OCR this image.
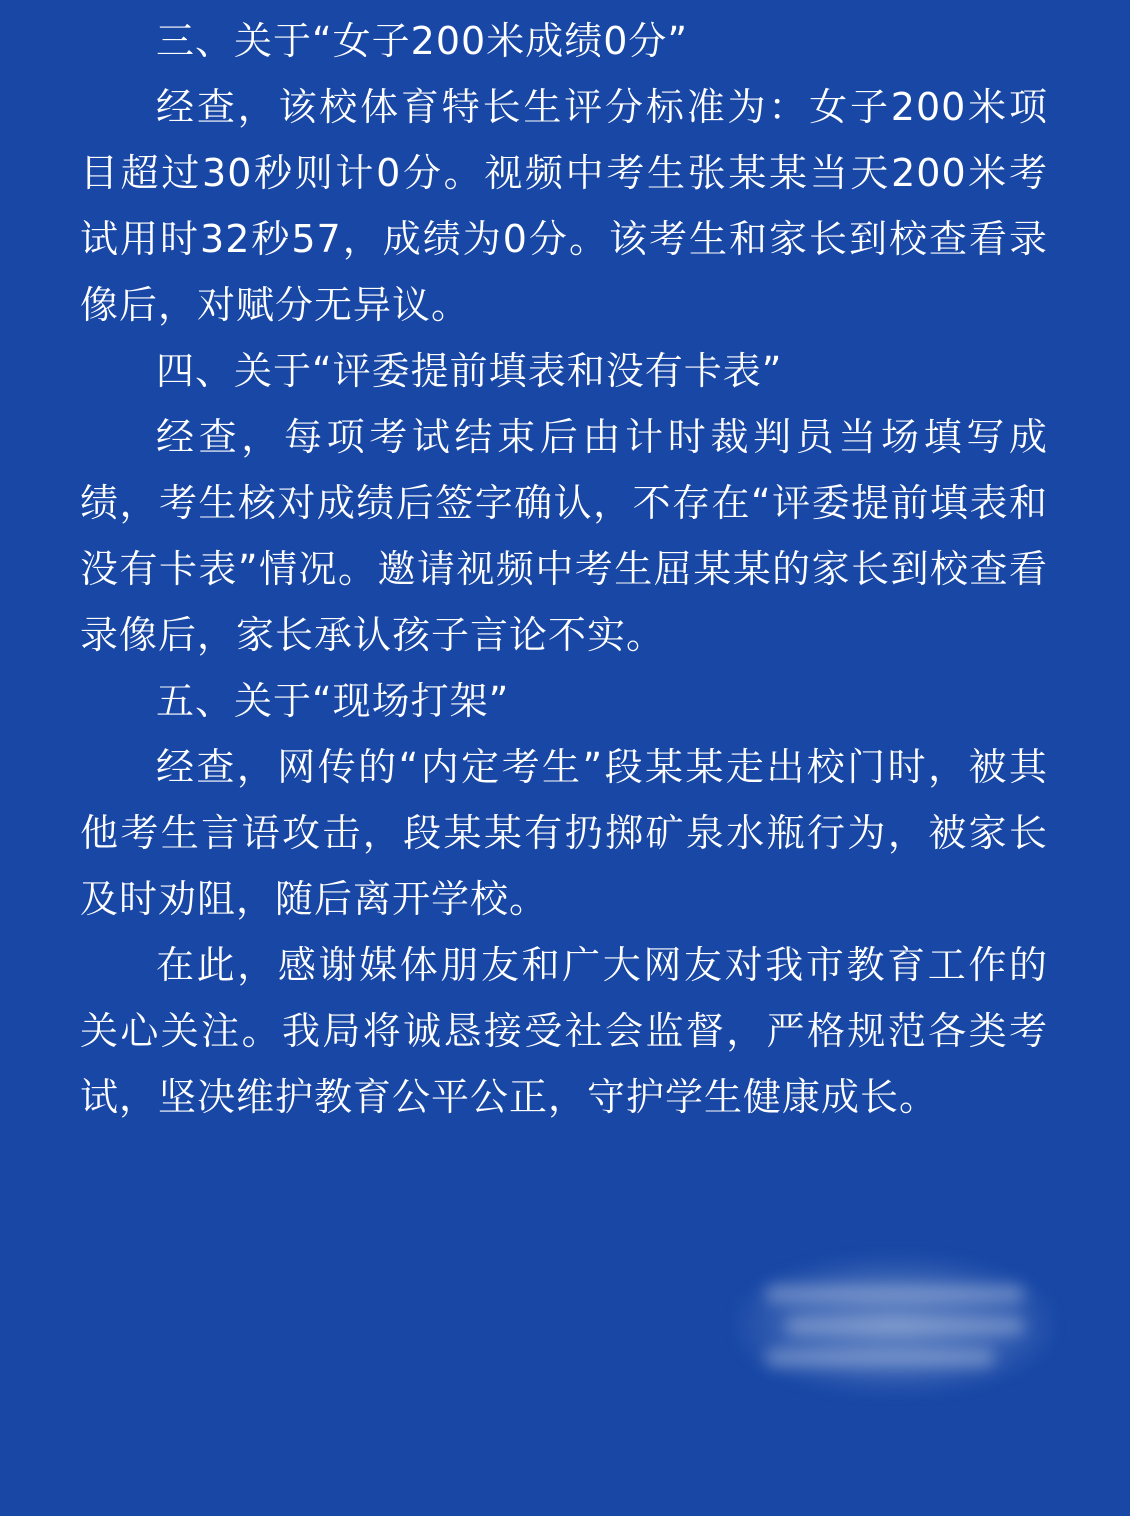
三、关于“女子200米成绩0分”

经查，该校体育特长生评分标准为：女子200米项目超过30秒则计0分。视频中考生张某某当天200米考试用时32秒57，成绩为0分。该考生和家长到校查看录像后，对赋分无异议。

四、关于“评委提前填表和没有卡表”

经查，每项考试结束后由计时裁判员当场填写成绩，考生核对成绩后签字确认，不存在“评委提前填表和没有卡表”情况。邀请视频中考生屈某某的家长到校查看录像后，家长承认孩子言论不实。

五、关于“现场打架”

经查，网传的“内定考生”段某某走出校门时，被其他考生言语攻击，段某某有扔掷矿泉水瓶行为，被家长及时劝阻，随后离开学校。

在此，感谢媒体朋友和广大网友对我市教育工作的关心关注。我局将诚恳接受社会监督，严格规范各类考试，坚决维护教育公平公正，守护学生健康成长。
